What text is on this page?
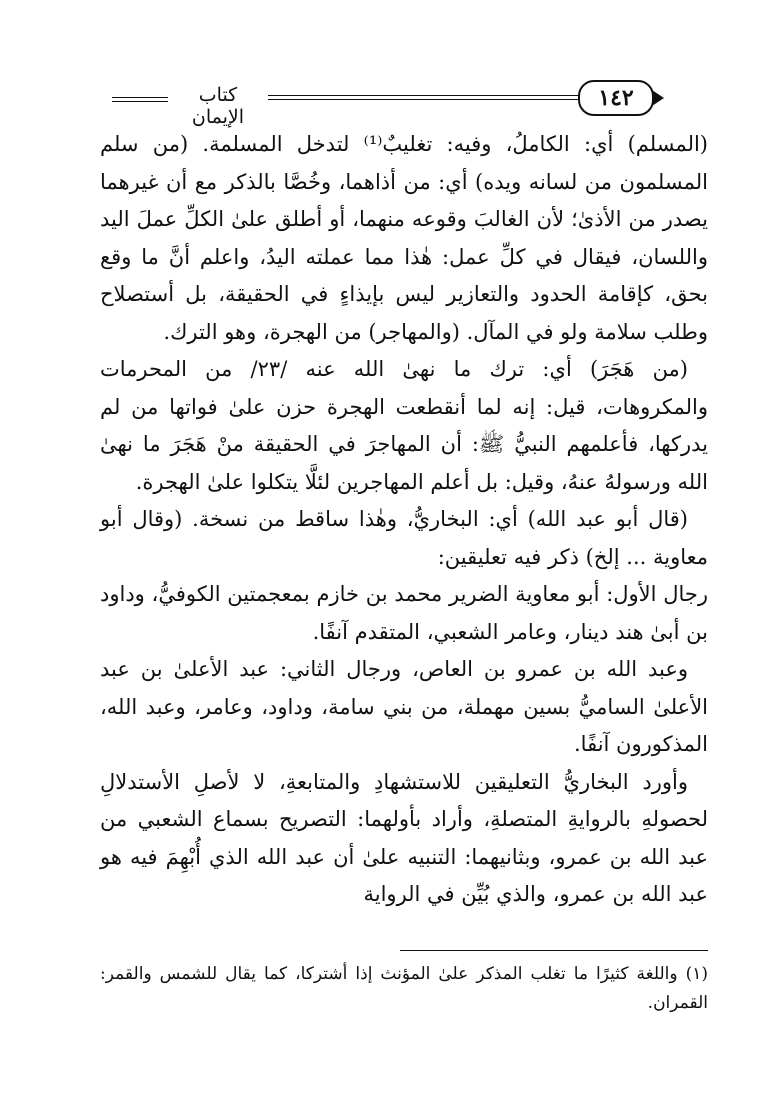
كتاب الإيمان
١٤٢

(المسلم) أي: الكاملُ، وفيه: تغليبٌ⁽¹⁾ لتدخل المسلمة. (من سلم المسلمون من لسانه ويده) أي: من أذاهما، وخُصَّا بالذكر مع أن غيرهما يصدر من الأذىٰ؛ لأن الغالبَ وقوعه منهما، أو أطلق علىٰ الكلِّ عملَ اليد واللسان، فيقال في كلِّ عمل: هٰذا مما عملته اليدُ، واعلم أنَّ ما وقع بحق، كإقامة الحدود والتعازير ليس بإيذاءٍ في الحقيقة، بل أستصلاح وطلب سلامة ولو في المآل. (والمهاجر) من الهجرة، وهو الترك.

(من هَجَرَ) أي: ترك ما نهىٰ الله عنه /٢٣/ من المحرمات والمكروهات، قيل: إنه لما أنقطعت الهجرة حزن علىٰ فواتها من لم يدركها، فأعلمهم النبيُّ ﷺ: أن المهاجرَ في الحقيقة منْ هَجَرَ ما نهىٰ الله ورسولهُ عنهُ، وقيل: بل أعلم المهاجرين لئلَّا يتكلوا علىٰ الهجرة.

(قال أبو عبد الله) أي: البخاريُّ، وهٰذا ساقط من نسخة. (وقال أبو معاوية ... إلخ) ذكر فيه تعليقين:

رجال الأول: أبو معاوية الضرير محمد بن خازم بمعجمتين الكوفيُّ، وداود بن أبىٰ هند دينار، وعامر الشعبي، المتقدم آنفًا.

وعبد الله بن عمرو بن العاص، ورجال الثاني: عبد الأعلىٰ بن عبد الأعلىٰ الساميُّ بسين مهملة، من بني سامة، وداود، وعامر، وعبد الله، المذكورون آنفًا.

وأورد البخاريُّ التعليقين للاستشهادِ والمتابعةِ، لا لأصلِ الأستدلالِ لحصولهِ بالروايةِ المتصلةِ، وأراد بأولهما: التصريح بسماع الشعبي من عبد الله بن عمرو، وبثانيهما: التنبيه علىٰ أن عبد الله الذي أُبْهِمَ فيه هو عبد الله بن عمرو، والذي بُيِّن في الرواية

(١) واللغة كثيرًا ما تغلب المذكر علىٰ المؤنث إذا أشتركا، كما يقال للشمس والقمر: القمران.
